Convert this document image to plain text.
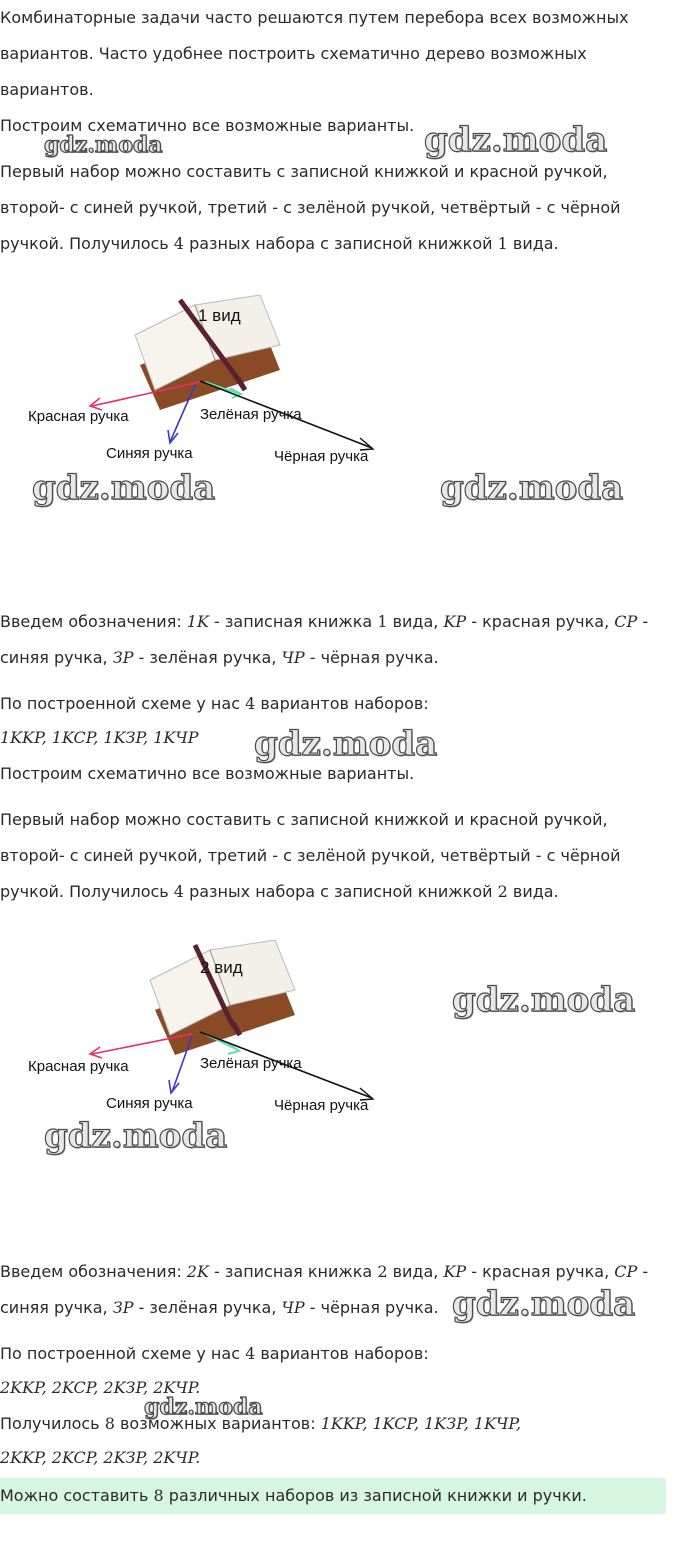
Комбинаторные задачи часто решаются путем перебора всех возможных

вариантов. Часто удобнее построить схематично дерево возможных

вариантов.

Построим схематично все возможные варианты.

Первый набор можно составить с записной книжкой и красной ручкой,

второй- с синей ручкой, третий - с зелёной ручкой, четвёртый - с чёрной

ручкой. Получилось 4 разных набора с записной книжкой 1 вида.

1 вид
Красная ручка
Синяя ручка
Зелёная ручка
Чёрная ручка

Введем обозначения: 1K - записная книжка 1 вида, KP - красная ручка, CP -

синяя ручка, ЗP - зелёная ручка, ЧP - чёрная ручка.

По построенной схеме у нас 4 вариантов наборов:

1KKP, 1KCP, 1KЗP, 1KЧP

Построим схематично все возможные варианты.

Первый набор можно составить с записной книжкой и красной ручкой,

второй- с синей ручкой, третий - с зелёной ручкой, четвёртый - с чёрной

ручкой. Получилось 4 разных набора с записной книжкой 2 вида.

2 вид
Красная ручка
Синяя ручка
Зелёная ручка
Чёрная ручка

Введем обозначения: 2K - записная книжка 2 вида, KP - красная ручка, CP -

синяя ручка, ЗP - зелёная ручка, ЧP - чёрная ручка.

По построенной схеме у нас 4 вариантов наборов:

2KKP, 2KCP, 2KЗP, 2KЧP.

Получилось 8 возможных вариантов: 1KKP, 1KCP, 1KЗP, 1KЧP,

2KKP, 2KCP, 2KЗP, 2KЧP.

Можно составить 8 различных наборов из записной книжки и ручки.

gdz.moda	gdz.moda
gdz.moda	gdz.moda
gdz.moda
gdz.moda
gdz.moda
gdz.moda
gdz.moda
